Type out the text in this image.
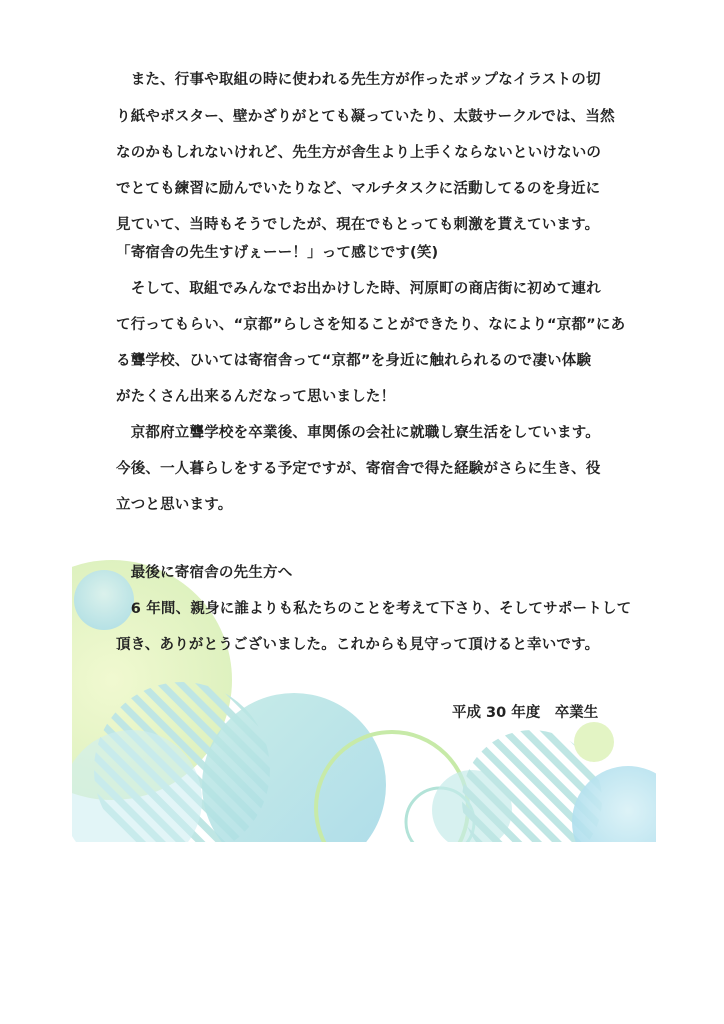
　また、行事や取組の時に使われる先生方が作ったポップなイラストの切
り紙やポスター、壁かざりがとても凝っていたり、太鼓サークルでは、当然
なのかもしれないけれど、先生方が舎生より上手くならないといけないの
でとても練習に励んでいたりなど、マルチタスクに活動してるのを身近に
見ていて、当時もそうでしたが、現在でもとっても刺激を貰えています。
「寄宿舎の先生すげぇーー！」って感じです(笑)
　そして、取組でみんなでお出かけした時、河原町の商店街に初めて連れ
て行ってもらい、“京都”らしさを知ることができたり、なにより“京都”にあ
る聾学校、ひいては寄宿舎って“京都”を身近に触れられるので凄い体験
がたくさん出来るんだなって思いました！
　京都府立聾学校を卒業後、車関係の会社に就職し寮生活をしています。
今後、一人暮らしをする予定ですが、寄宿舎で得た経験がさらに生き、役
立つと思います。
　最後に寄宿舎の先生方へ
　6 年間、親身に誰よりも私たちのことを考えて下さり、そしてサポートして
頂き、ありがとうございました。これからも見守って頂けると幸いです。
平成 30 年度　卒業生
